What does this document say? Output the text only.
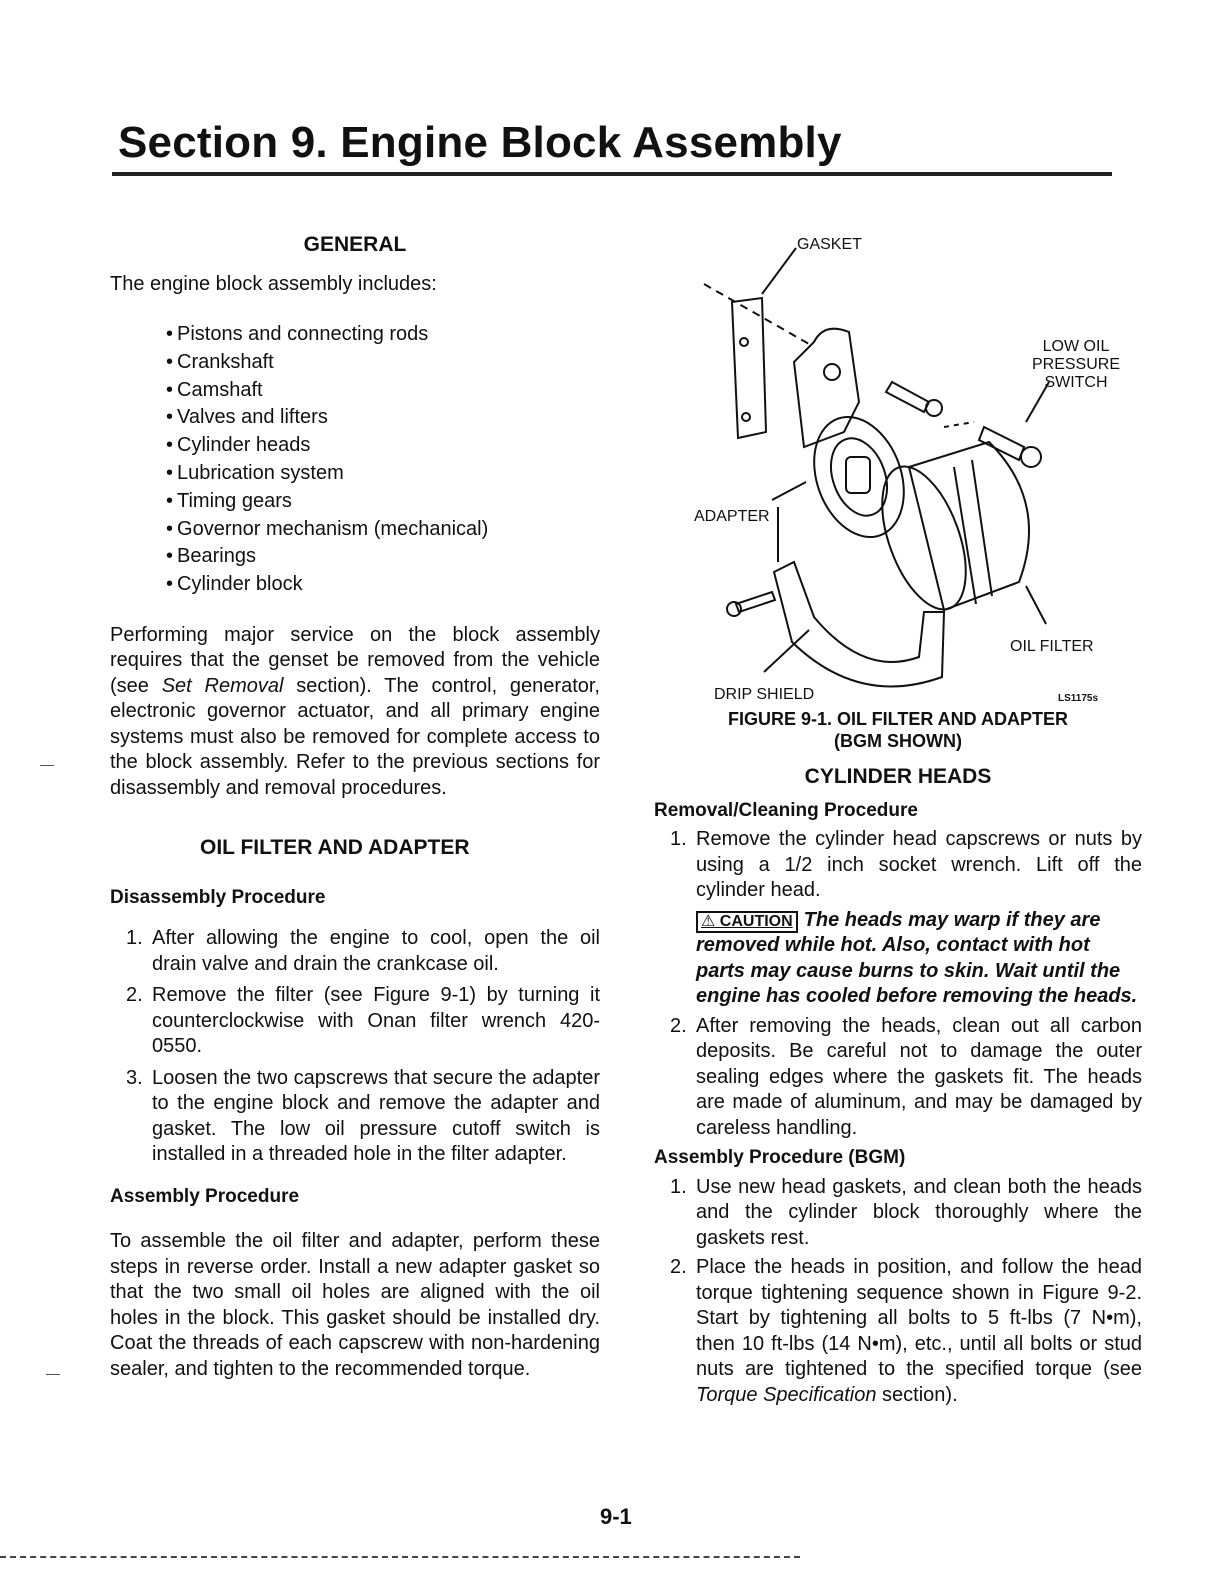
Section 9. Engine Block Assembly
GENERAL

The engine block assembly includes:

• Pistons and connecting rods
• Crankshaft
• Camshaft
• Valves and lifters
• Cylinder heads
• Lubrication system
• Timing gears
• Governor mechanism (mechanical)
• Bearings
• Cylinder block

Performing major service on the block assembly requires that the genset be removed from the vehicle (see Set Removal section). The control, generator, electronic governor actuator, and all primary engine systems must also be removed for complete access to the block assembly. Refer to the previous sections for disassembly and removal procedures.

OIL FILTER AND ADAPTER
Disassembly Procedure
1. After allowing the engine to cool, open the oil drain valve and drain the crankcase oil.
2. Remove the filter (see Figure 9-1) by turning it counterclockwise with Onan filter wrench 420-0550.
3. Loosen the two capscrews that secure the adapter to the engine block and remove the adapter and gasket. The low oil pressure cutoff switch is installed in a threaded hole in the filter adapter.
Assembly Procedure

To assemble the oil filter and adapter, perform these steps in reverse order. Install a new adapter gasket so that the two small oil holes are aligned with the oil holes in the block. This gasket should be installed dry. Coat the threads of each capscrew with non-hardening sealer, and tighten to the recommended torque.

GASKET
LOW OIL
PRESSURE
SWITCH
ADAPTER
OIL FILTER
DRIP SHIELD	LS1175s
FIGURE 9-1. OIL FILTER AND ADAPTER
(BGM SHOWN)
CYLINDER HEADS
Removal/Cleaning Procedure
1. Remove the cylinder head capscrews or nuts by using a 1/2 inch socket wrench. Lift off the cylinder head.
⚠ CAUTION The heads may warp if they are removed while hot. Also, contact with hot parts may cause burns to skin. Wait until the engine has cooled before removing the heads.
2. After removing the heads, clean out all carbon deposits. Be careful not to damage the outer sealing edges where the gaskets fit. The heads are made of aluminum, and may be damaged by careless handling.
Assembly Procedure (BGM)
1. Use new head gaskets, and clean both the heads and the cylinder block thoroughly where the gaskets rest.
2. Place the heads in position, and follow the head torque tightening sequence shown in Figure 9-2. Start by tightening all bolts to 5 ft-lbs (7 N•m), then 10 ft-lbs (14 N•m), etc., until all bolts or stud nuts are tightened to the specified torque (see Torque Specification section).
9-1
